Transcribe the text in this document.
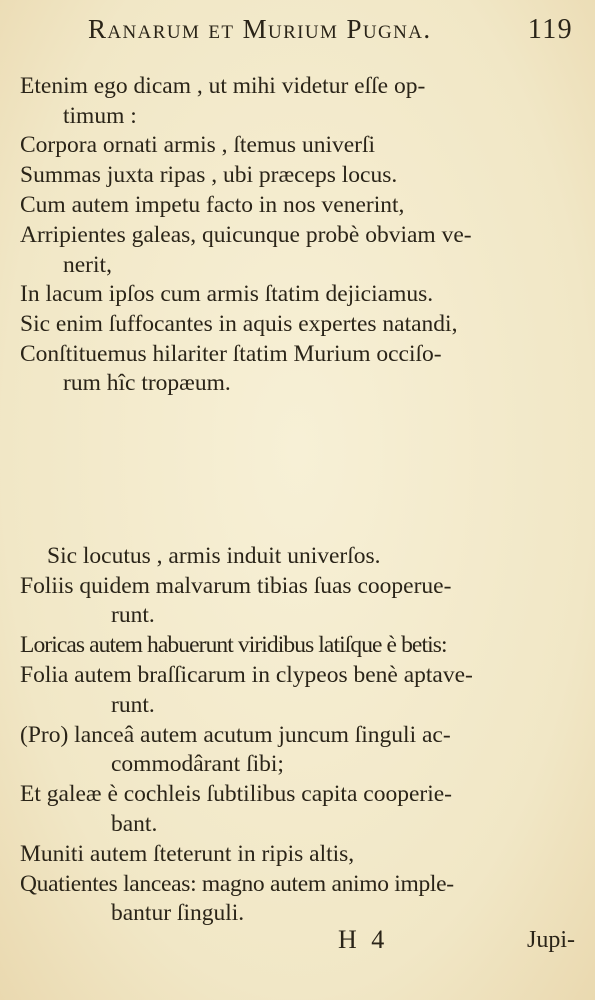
Ranarum et Murium Pugna.	119
Etenim ego dicam , ut mihi videtur eſſe op-
timum :
Corpora ornati armis , ſtemus univerſi
Summas juxta ripas , ubi præceps locus.
Cum autem impetu facto in nos venerint,
Arripientes galeas, quicunque probè obviam ve-
nerit,
In lacum ipſos cum armis ſtatim dejiciamus.
Sic enim ſuffocantes in aquis expertes natandi,
Conſtituemus hilariter ſtatim Murium occiſo-
rum hîc tropæum.
Sic locutus , armis induit univerſos.
Foliis quidem malvarum tibias ſuas cooperue-
runt.
Loricas autem habuerunt viridibus latiſque è betis:
Folia autem braſſicarum in clypeos benè aptave-
runt.
(Pro) lanceâ autem acutum juncum ſinguli ac-
commodârant ſibi;
Et galeæ è cochleis ſubtilibus capita cooperie-
bant.
Muniti autem ſteterunt in ripis altis,
Quatientes lanceas: magno autem animo imple-
bantur ſinguli.
H 4	Jupi-
